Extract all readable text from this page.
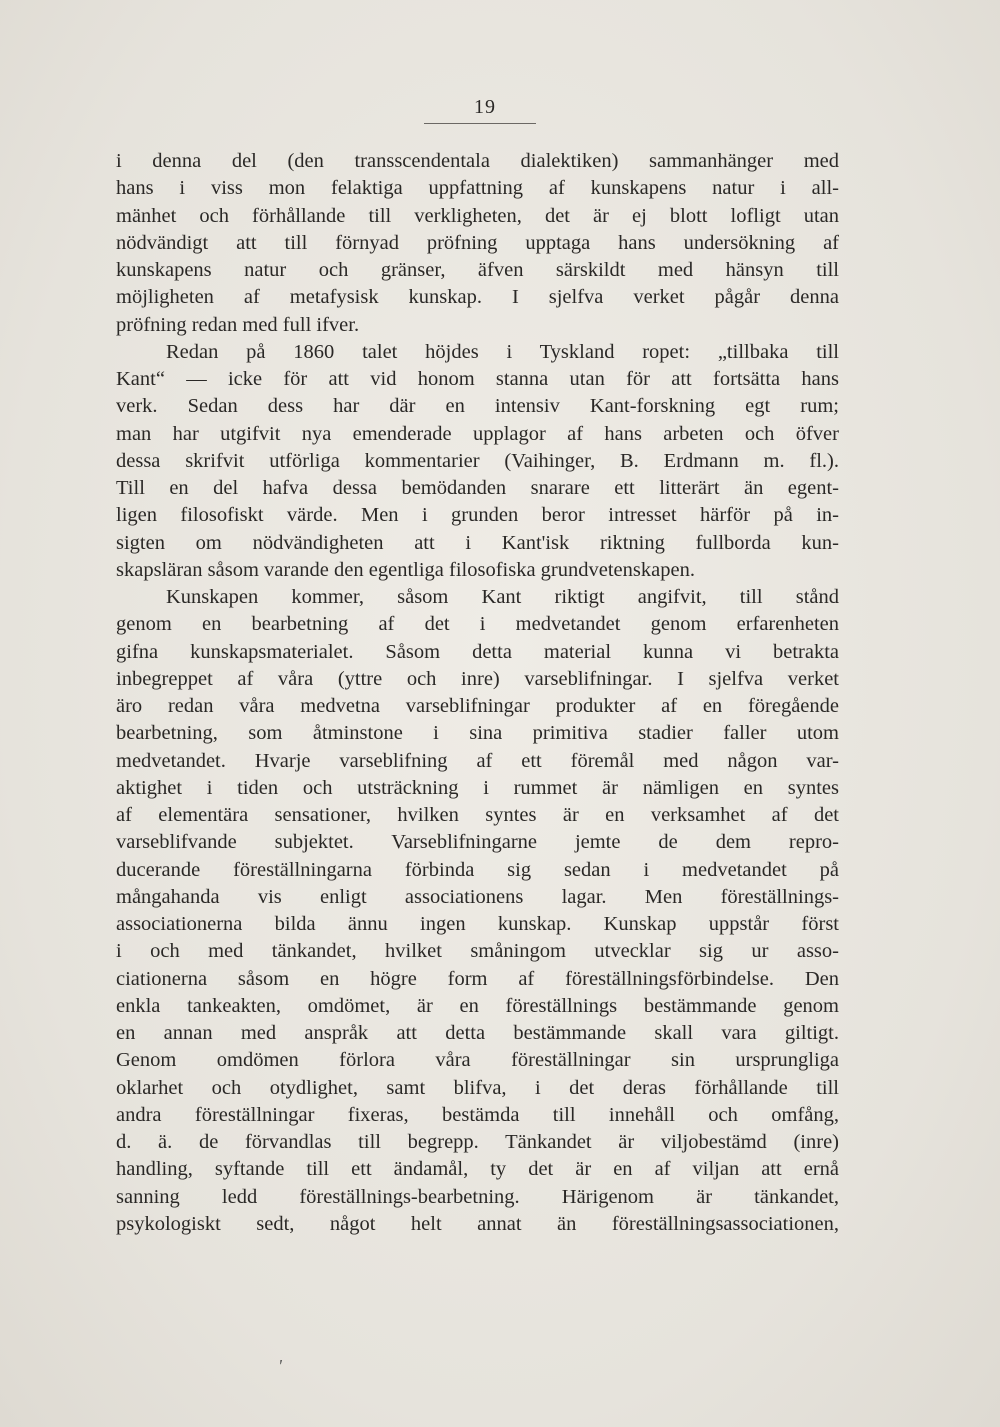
19
i denna del (den transscendentala dialektiken) sammanhänger med
hans i viss mon felaktiga uppfattning af kunskapens natur i all-
mänhet och förhållande till verkligheten, det är ej blott lofligt utan
nödvändigt att till förnyad pröfning upptaga hans undersökning af
kunskapens natur och gränser, äfven särskildt med hänsyn till
möjligheten af metafysisk kunskap. I sjelfva verket pågår denna
pröfning redan med full ifver.
Redan på 1860 talet höjdes i Tyskland ropet: „tillbaka till
Kant“ — icke för att vid honom stanna utan för att fortsätta hans
verk. Sedan dess har där en intensiv Kant-forskning egt rum;
man har utgifvit nya emenderade upplagor af hans arbeten och öfver
dessa skrifvit utförliga kommentarier (Vaihinger, B. Erdmann m. fl.).
Till en del hafva dessa bemödanden snarare ett litterärt än egent-
ligen filosofiskt värde. Men i grunden beror intresset härför på in-
sigten om nödvändigheten att i Kant'isk riktning fullborda kun-
skapsläran såsom varande den egentliga filosofiska grundvetenskapen.
Kunskapen kommer, såsom Kant riktigt angifvit, till stånd
genom en bearbetning af det i medvetandet genom erfarenheten
gifna kunskapsmaterialet. Såsom detta material kunna vi betrakta
inbegreppet af våra (yttre och inre) varseblifningar. I sjelfva verket
äro redan våra medvetna varseblifningar produkter af en föregående
bearbetning, som åtminstone i sina primitiva stadier faller utom
medvetandet. Hvarje varseblifning af ett föremål med någon var-
aktighet i tiden och utsträckning i rummet är nämligen en syntes
af elementära sensationer, hvilken syntes är en verksamhet af det
varseblifvande subjektet. Varseblifningarne jemte de dem repro-
ducerande föreställningarna förbinda sig sedan i medvetandet på
mångahanda vis enligt associationens lagar. Men föreställnings-
associationerna bilda ännu ingen kunskap. Kunskap uppstår först
i och med tänkandet, hvilket småningom utvecklar sig ur asso-
ciationerna såsom en högre form af föreställningsförbindelse. Den
enkla tankeakten, omdömet, är en föreställnings bestämmande genom
en annan med anspråk att detta bestämmande skall vara giltigt.
Genom omdömen förlora våra föreställningar sin ursprungliga
oklarhet och otydlighet, samt blifva, i det deras förhållande till
andra föreställningar fixeras, bestämda till innehåll och omfång,
d. ä. de förvandlas till begrepp. Tänkandet är viljobestämd (inre)
handling, syftande till ett ändamål, ty det är en af viljan att ernå
sanning ledd föreställnings-bearbetning. Härigenom är tänkandet,
psykologiskt sedt, något helt annat än föreställningsassociationen,
'
